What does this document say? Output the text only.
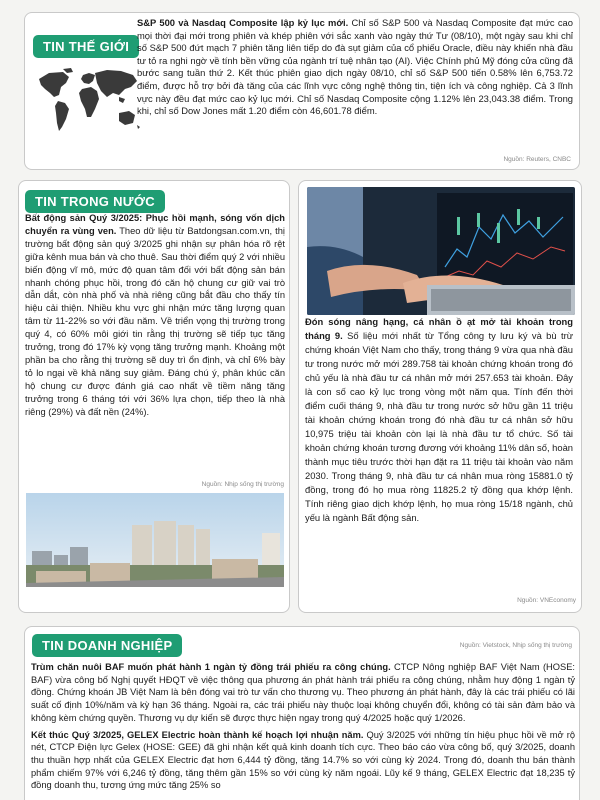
TIN THẾ GIỚI
S&P 500 và Nasdaq Composite lập kỷ lục mới. Chỉ số S&P 500 và Nasdaq Composite đạt mức cao mọi thời đại mới trong phiên và khép phiên với sắc xanh vào ngày thứ Tư (08/10), một ngày sau khi chỉ số S&P 500 đứt mạch 7 phiên tăng liên tiếp do đà sụt giảm của cổ phiếu Oracle, điều này khiến nhà đầu tư tỏ ra nghi ngờ về tính bền vững của ngành trí tuệ nhân tạo (AI). Việc Chính phủ Mỹ đóng cửa cũng đã bước sang tuần thứ 2. Kết thúc phiên giao dịch ngày 08/10, chỉ số S&P 500 tiến 0.58% lên 6,753.72 điểm, được hỗ trợ bởi đà tăng của các lĩnh vực công nghệ thông tin, tiện ích và công nghiệp. Cả 3 lĩnh vực này đều đạt mức cao kỷ lục mới. Chỉ số Nasdaq Composite cộng 1.12% lên 23,043.38 điểm. Trong khi, chỉ số Dow Jones mất 1.20 điểm còn 46,601.78 điểm.
Nguồn: Reuters, CNBC
TIN TRONG NƯỚC
Bất động sản Quý 3/2025: Phục hồi mạnh, sóng vốn dịch chuyển ra vùng ven. Theo dữ liệu từ Batdongsan.com.vn, thị trường bất động sản quý 3/2025 ghi nhận sự phân hóa rõ rệt giữa kênh mua bán và cho thuê. Sau thời điểm quý 2 với nhiều biến động vĩ mô, mức độ quan tâm đối với bất động sản bán nhanh chóng phục hồi, trong đó căn hộ chung cư giữ vai trò dẫn dắt, còn nhà phố và nhà riêng cũng bắt đầu cho thấy tín hiệu cải thiện. Nhiều khu vực ghi nhận mức tăng lượng quan tâm từ 11-22% so với đầu năm. Về triển vọng thị trường trong quý 4, có 60% môi giới tin rằng thị trường sẽ tiếp tục tăng trưởng, trong đó 17% kỳ vọng tăng trưởng mạnh. Khoảng một phần ba cho rằng thị trường sẽ duy trì ổn định, và chỉ 6% bày tỏ lo ngại về khả năng suy giảm. Đáng chú ý, phân khúc căn hộ chung cư được đánh giá cao nhất về tiềm năng tăng trưởng trong 6 tháng tới với 36% lựa chọn, tiếp theo là nhà riêng (29%) và đất nền (24%).
Nguồn: Nhịp sống thị trường
Đón sóng nâng hạng, cá nhân ồ ạt mở tài khoản trong tháng 9. Số liệu mới nhất từ Tổng công ty lưu ký và bù trừ chứng khoán Việt Nam cho thấy, trong tháng 9 vừa qua nhà đầu tư trong nước mở mới 289.758 tài khoản chứng khoán trong đó chủ yếu là nhà đầu tư cá nhân mở mới 257.653 tài khoản. Đây là con số cao kỷ lục trong vòng một năm qua. Tính đến thời điểm cuối tháng 9, nhà đầu tư trong nước sở hữu gần 11 triệu tài khoản chứng khoán trong đó nhà đầu tư cá nhân sở hữu 10,975 triệu tài khoản còn lại là nhà đầu tư tổ chức. Số tài khoản chứng khoán tương đương với khoảng 11% dân số, hoàn thành mục tiêu trước thời hạn đặt ra 11 triệu tài khoản vào năm 2030. Trong tháng 9, nhà đầu tư cá nhân mua ròng 15881.0 tỷ đồng, trong đó họ mua ròng 11825.2 tỷ đồng qua khớp lệnh. Tính riêng giao dịch khớp lệnh, họ mua ròng 15/18 ngành, chủ yếu là ngành Bất động sản.
Nguồn: VNEconomy
TIN DOANH NGHIỆP

Trùm chăn nuôi BAF muốn phát hành 1 ngàn tỷ đồng trái phiếu ra công chúng. CTCP Nông nghiệp BAF Việt Nam (HOSE: BAF) vừa công bố Nghị quyết HĐQT về việc thông qua phương án phát hành trái phiếu ra công chúng, nhằm huy động 1 ngàn tỷ đồng. Chứng khoán JB Việt Nam là bên đóng vai trò tư vấn cho thương vụ. Theo phương án phát hành, đây là các trái phiếu có lãi suất cố định 10%/năm và kỳ hạn 36 tháng. Ngoài ra, các trái phiếu này thuộc loại không chuyển đổi, không có tài sản đảm bảo và không kèm chứng quyền. Thương vụ dự kiến sẽ được thực hiện ngay trong quý 4/2025 hoặc quý 1/2026.

Kết thúc Quý 3/2025, GELEX Electric hoàn thành kế hoạch lợi nhuận năm. Quý 3/2025 với những tín hiệu phục hồi về mở rộ nét, CTCP Điện lực Gelex (HOSE: GEE) đã ghi nhận kết quả kinh doanh tích cực. Theo báo cáo vừa công bố, quý 3/2025, doanh thu thuần hợp nhất của GELEX Electric đạt hơn 6,444 tỷ đồng, tăng 14.7% so với cùng kỳ 2024. Trong đó, doanh thu bán thành phẩm chiếm 97% với 6,246 tỷ đồng, tăng thêm gần 15% so với cùng kỳ năm ngoái. Lũy kế 9 tháng, GELEX Electric đạt 18,235 tỷ đồng doanh thu, tương ứng mức tăng 25% so

Nguồn: Vietstock, Nhịp sống thị trường
